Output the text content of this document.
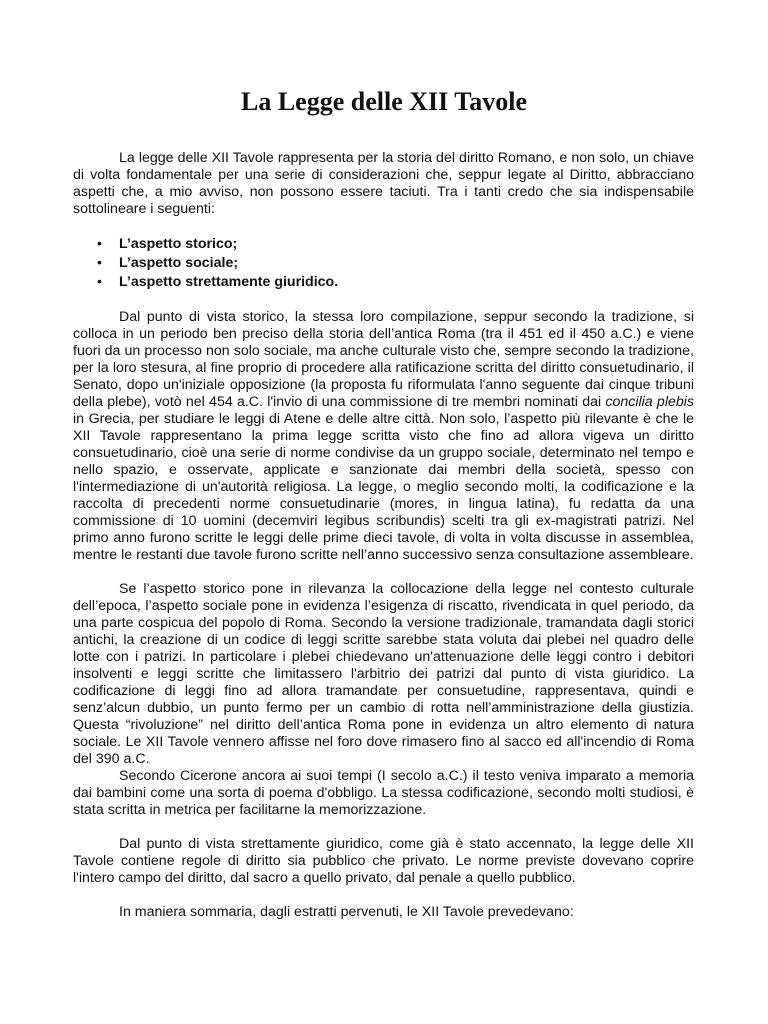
La Legge delle XII Tavole

La legge delle XII Tavole rappresenta per la storia del diritto Romano, e non solo, un chiave di volta fondamentale per una serie di considerazioni che, seppur legate al Diritto, abbracciano aspetti che, a mio avviso, non possono essere taciuti. Tra i tanti credo che sia indispensabile sottolineare i seguenti:

• L’aspetto storico;
• L’aspetto sociale;
• L’aspetto strettamente giuridico.

Dal punto di vista storico, la stessa loro compilazione, seppur secondo la tradizione, si colloca in un periodo ben preciso della storia dell’antica Roma (tra il 451 ed il 450 a.C.) e viene fuori da un processo non solo sociale, ma anche culturale visto che, sempre secondo la tradizione, per la loro stesura, al fine proprio di procedere alla ratificazione scritta del diritto consuetudinario, il Senato, dopo un'iniziale opposizione (la proposta fu riformulata l'anno seguente dai cinque tribuni della plebe), votò nel 454 a.C. l'invio di una commissione di tre membri nominati dai concilia plebis in Grecia, per studiare le leggi di Atene e delle altre città. Non solo, l’aspetto più rilevante è che le XII Tavole rappresentano la prima legge scritta visto che fino ad allora vigeva un diritto consuetudinario, cioè una serie di norme condivise da un gruppo sociale, determinato nel tempo e nello spazio, e osservate, applicate e sanzionate dai membri della società, spesso con l'intermediazione di un'autorità religiosa. La legge, o meglio secondo molti, la codificazione e la raccolta di precedenti norme consuetudinarie (mores, in lingua latina), fu redatta da una commissione di 10 uomini (decemviri legibus scribundis) scelti tra gli ex-magistrati patrizi. Nel primo anno furono scritte le leggi delle prime dieci tavole, di volta in volta discusse in assemblea, mentre le restanti due tavole furono scritte nell’anno successivo senza consultazione assembleare.

Se l’aspetto storico pone in rilevanza la collocazione della legge nel contesto culturale dell’epoca, l’aspetto sociale pone in evidenza l’esigenza di riscatto, rivendicata in quel periodo, da una parte cospicua del popolo di Roma. Secondo la versione tradizionale, tramandata dagli storici antichi, la creazione di un codice di leggi scritte sarebbe stata voluta dai plebei nel quadro delle lotte con i patrizi. In particolare i plebei chiedevano un'attenuazione delle leggi contro i debitori insolventi e leggi scritte che limitassero l'arbitrio dei patrizi dal punto di vista giuridico. La codificazione di leggi fino ad allora tramandate per consuetudine, rappresentava, quindi e senz’alcun dubbio, un punto fermo per un cambio di rotta nell’amministrazione della giustizia. Questa “rivoluzione” nel diritto dell’antica Roma pone in evidenza un altro elemento di natura sociale. Le XII Tavole vennero affisse nel foro dove rimasero fino al sacco ed all'incendio di Roma del 390 a.C.

Secondo Cicerone ancora ai suoi tempi (I secolo a.C.) il testo veniva imparato a memoria dai bambini come una sorta di poema d'obbligo. La stessa codificazione, secondo molti studiosi, è stata scritta in metrica per facilitarne la memorizzazione.

Dal punto di vista strettamente giuridico, come già è stato accennato, la legge delle XII Tavole contiene regole di diritto sia pubblico che privato. Le norme previste dovevano coprire l'intero campo del diritto, dal sacro a quello privato, dal penale a quello pubblico.

In maniera sommaria, dagli estratti pervenuti, le XII Tavole prevedevano:
